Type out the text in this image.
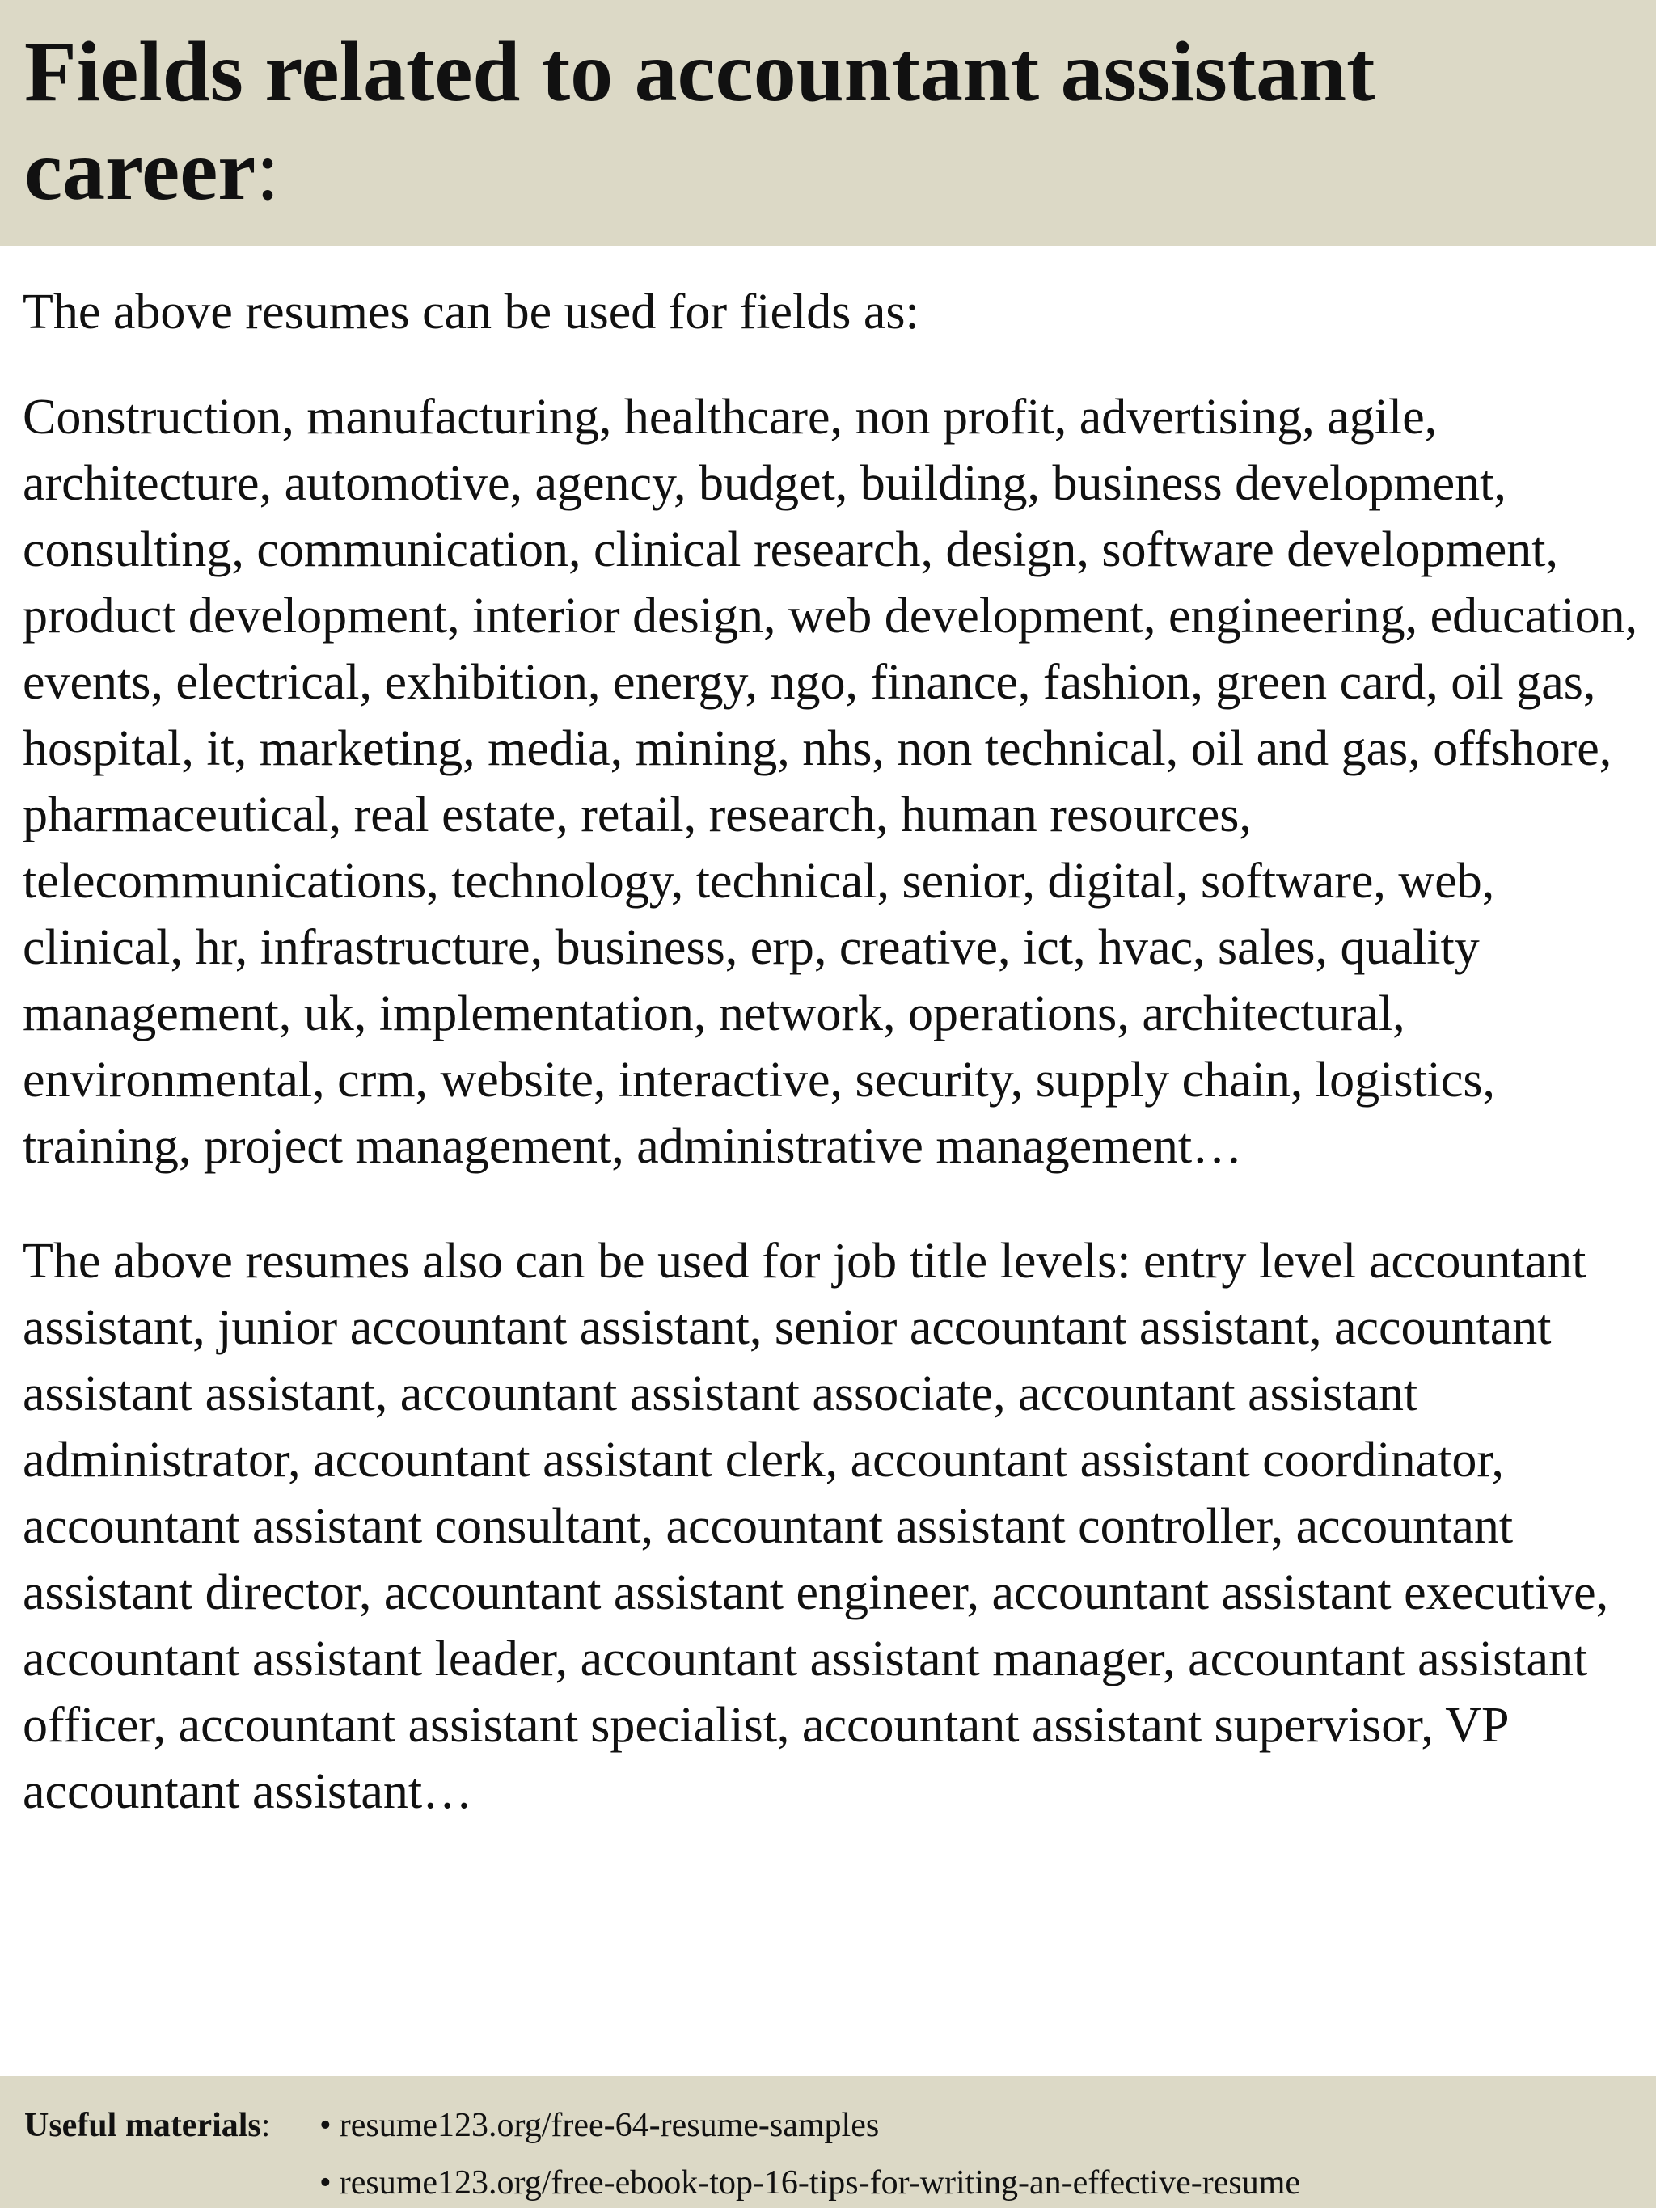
Fields related to accountant assistant career:

The above resumes can be used for fields as:

Construction, manufacturing, healthcare, non profit, advertising, agile, architecture, automotive, agency, budget, building, business development, consulting, communication, clinical research, design, software development, product development, interior design, web development, engineering, education, events, electrical, exhibition, energy, ngo, finance, fashion, green card, oil gas, hospital, it, marketing, media, mining, nhs, non technical, oil and gas, offshore, pharmaceutical, real estate, retail, research, human resources, telecommunications, technology, technical, senior, digital, software, web, clinical, hr, infrastructure, business, erp, creative, ict, hvac, sales, quality management, uk, implementation, network, operations, architectural, environmental, crm, website, interactive, security, supply chain, logistics, training, project management, administrative management…

The above resumes also can be used for job title levels: entry level accountant assistant, junior accountant assistant, senior accountant assistant, accountant assistant assistant, accountant assistant associate, accountant assistant administrator, accountant assistant clerk, accountant assistant coordinator, accountant assistant consultant, accountant assistant controller, accountant assistant director, accountant assistant engineer, accountant assistant executive, accountant assistant leader, accountant assistant manager, accountant assistant officer, accountant assistant specialist, accountant assistant supervisor, VP accountant assistant…

Useful materials:	• resume123.org/free-64-resume-samples
• resume123.org/free-ebook-top-16-tips-for-writing-an-effective-resume
